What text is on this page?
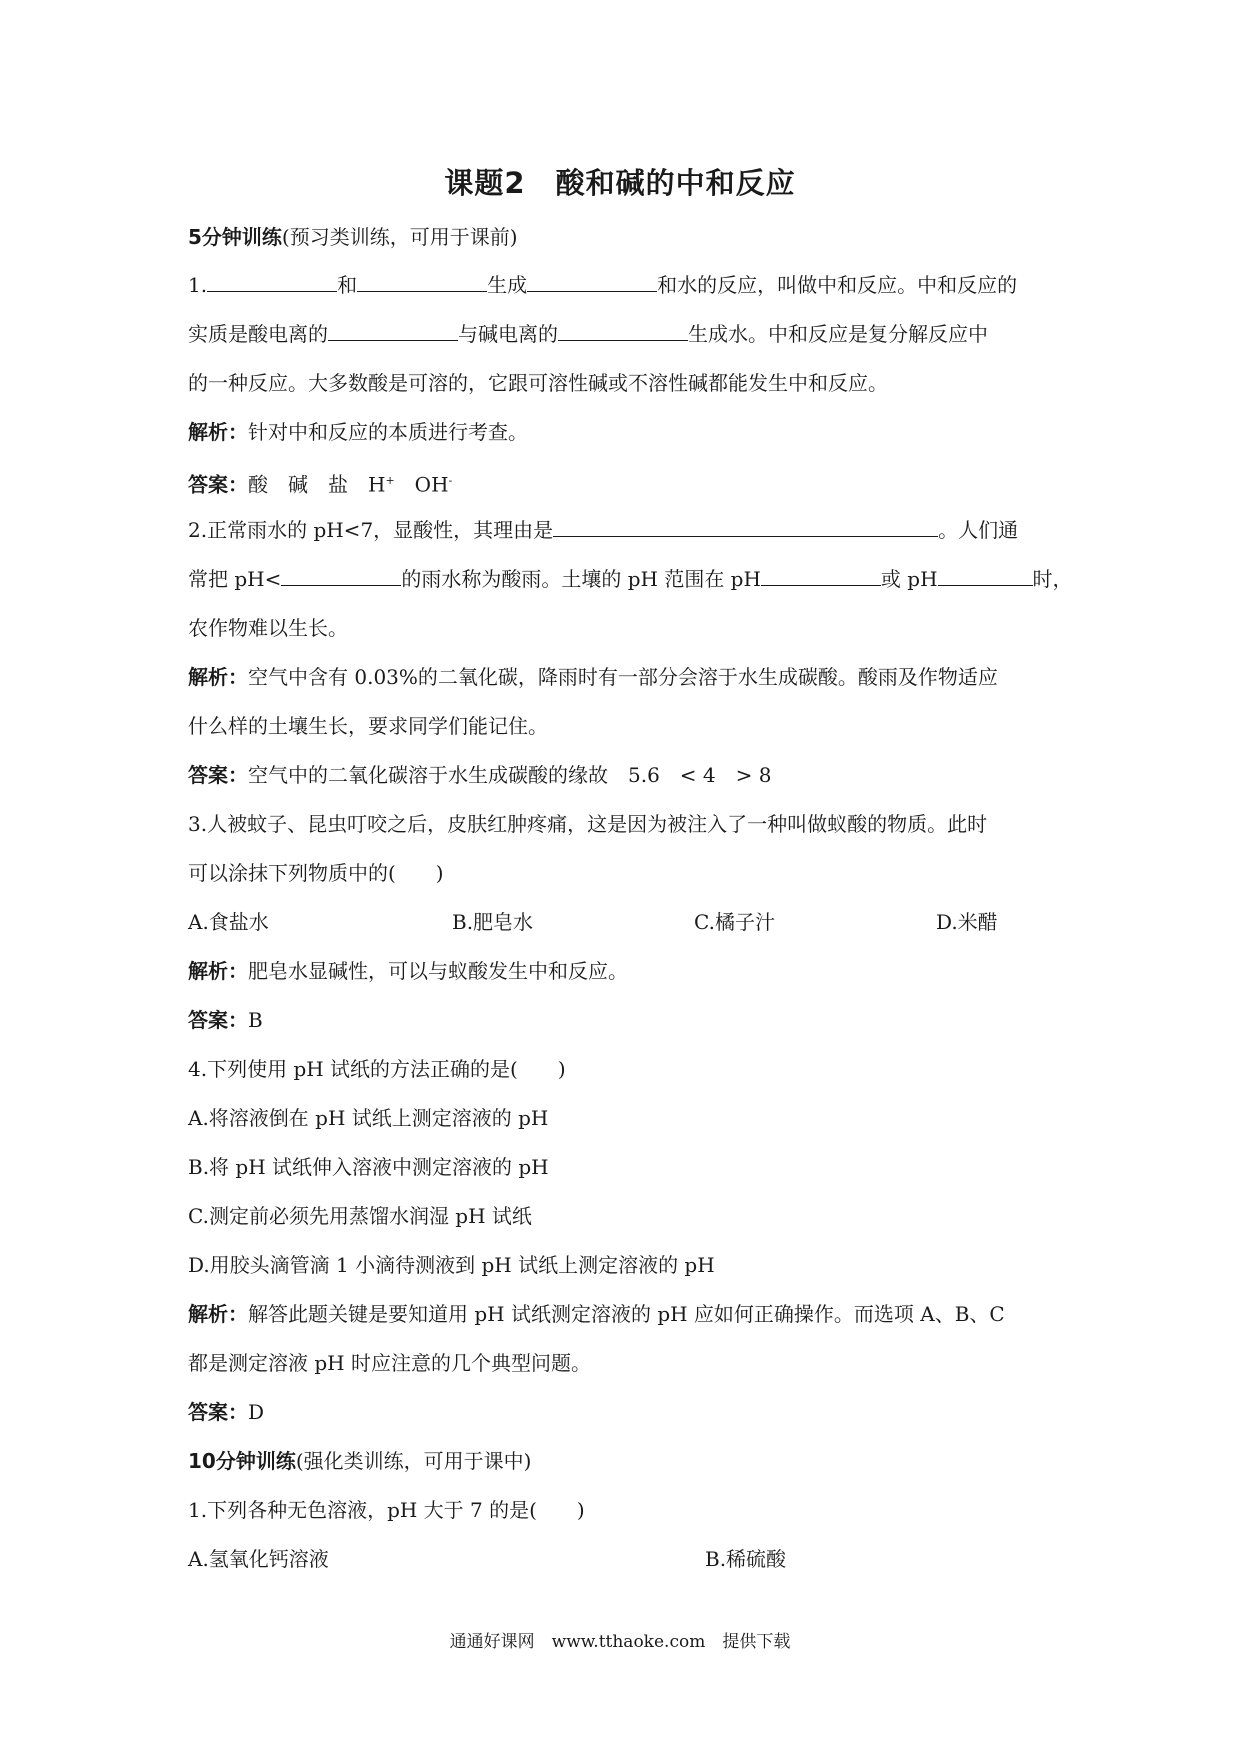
课题2　酸和碱的中和反应
5分钟训练(预习类训练，可用于课前)
1.	和	生成	和水的反应，叫做中和反应。中和反应的
实质是酸电离的	与碱电离的	生成水。中和反应是复分解反应中
的一种反应。大多数酸是可溶的，它跟可溶性碱或不溶性碱都能发生中和反应。
解析：针对中和反应的本质进行考查。
答案：酸　碱　盐　H+　OH-
2.正常雨水的 pH<7，显酸性，其理由是	。人们通
常把 pH<	的雨水称为酸雨。土壤的 pH 范围在 pH	或 pH	时，
农作物难以生长。
解析：空气中含有 0.03%的二氧化碳，降雨时有一部分会溶于水生成碳酸。酸雨及作物适应
什么样的土壤生长，要求同学们能记住。
答案：空气中的二氧化碳溶于水生成碳酸的缘故　5.6　< 4　> 8
3.人被蚊子、昆虫叮咬之后，皮肤红肿疼痛，这是因为被注入了一种叫做蚁酸的物质。此时
可以涂抹下列物质中的(　　)
A.食盐水	B.肥皂水	C.橘子汁	D.米醋
解析：肥皂水显碱性，可以与蚁酸发生中和反应。
答案：B
4.下列使用 pH 试纸的方法正确的是(　　)
A.将溶液倒在 pH 试纸上测定溶液的 pH
B.将 pH 试纸伸入溶液中测定溶液的 pH
C.测定前必须先用蒸馏水润湿 pH 试纸
D.用胶头滴管滴 1 小滴待测液到 pH 试纸上测定溶液的 pH
解析：解答此题关键是要知道用 pH 试纸测定溶液的 pH 应如何正确操作。而选项 A、B、C
都是测定溶液 pH 时应注意的几个典型问题。
答案：D
10分钟训练(强化类训练，可用于课中)
1.下列各种无色溶液，pH 大于 7 的是(　　)
A.氢氧化钙溶液	B.稀硫酸
通通好课网　www.tthaoke.com　提供下载
